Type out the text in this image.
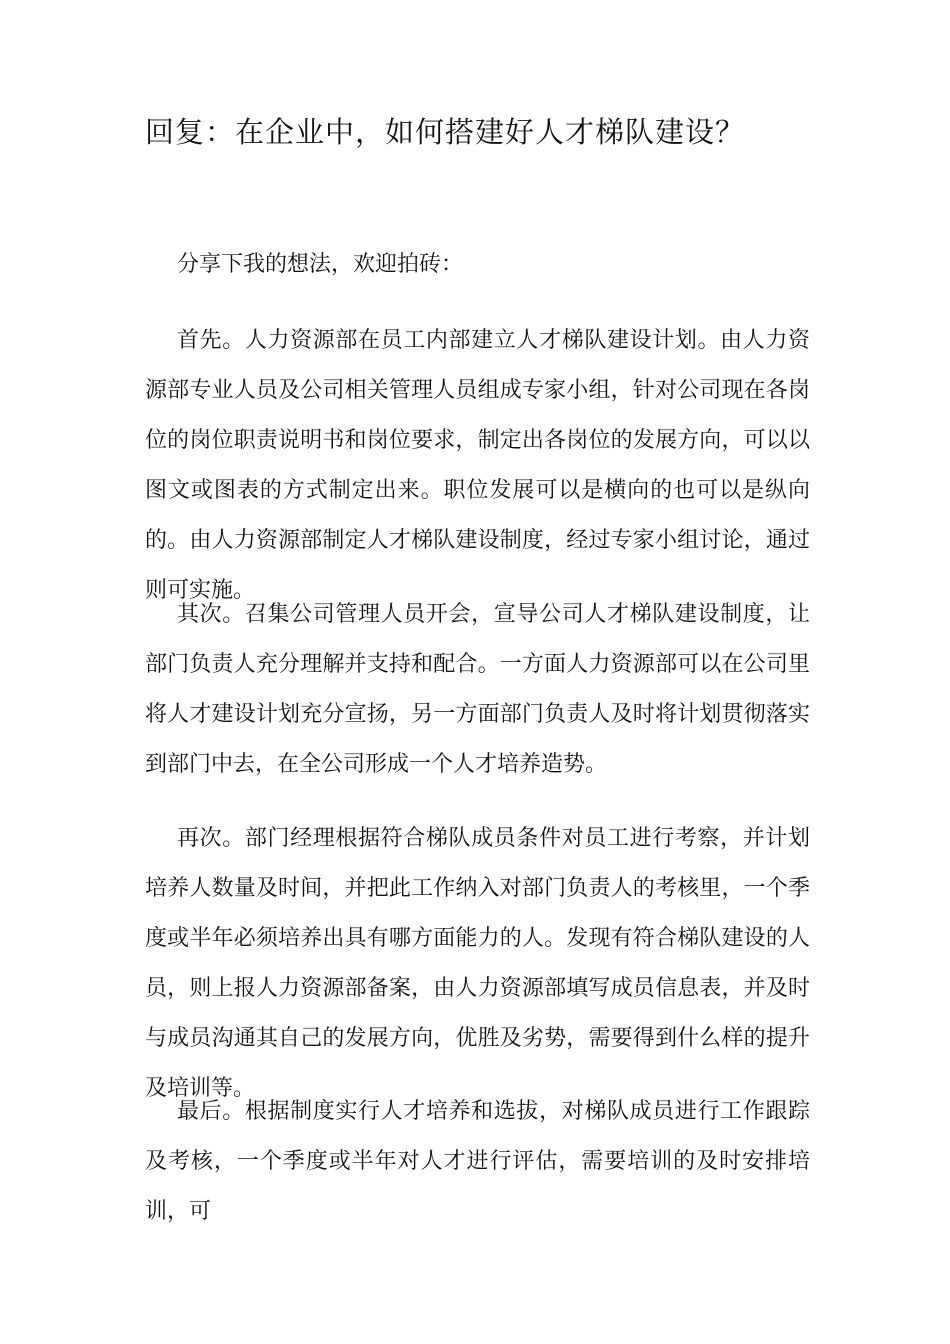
回复：在企业中，如何搭建好人才梯队建设？

分享下我的想法，欢迎拍砖：

首先。人力资源部在员工内部建立人才梯队建设计划。由人力资源部专业人员及公司相关管理人员组成专家小组，针对公司现在各岗位的岗位职责说明书和岗位要求，制定出各岗位的发展方向，可以以图文或图表的方式制定出来。职位发展可以是横向的也可以是纵向的。由人力资源部制定人才梯队建设制度，经过专家小组讨论，通过则可实施。

其次。召集公司管理人员开会，宣导公司人才梯队建设制度，让部门负责人充分理解并支持和配合。一方面人力资源部可以在公司里将人才建设计划充分宣扬，另一方面部门负责人及时将计划贯彻落实到部门中去，在全公司形成一个人才培养造势。

再次。部门经理根据符合梯队成员条件对员工进行考察，并计划培养人数量及时间，并把此工作纳入对部门负责人的考核里，一个季度或半年必须培养出具有哪方面能力的人。发现有符合梯队建设的人员，则上报人力资源部备案，由人力资源部填写成员信息表，并及时与成员沟通其自己的发展方向，优胜及劣势，需要得到什么样的提升及培训等。

最后。根据制度实行人才培养和选拔，对梯队成员进行工作跟踪及考核，一个季度或半年对人才进行评估，需要培训的及时安排培训，可
